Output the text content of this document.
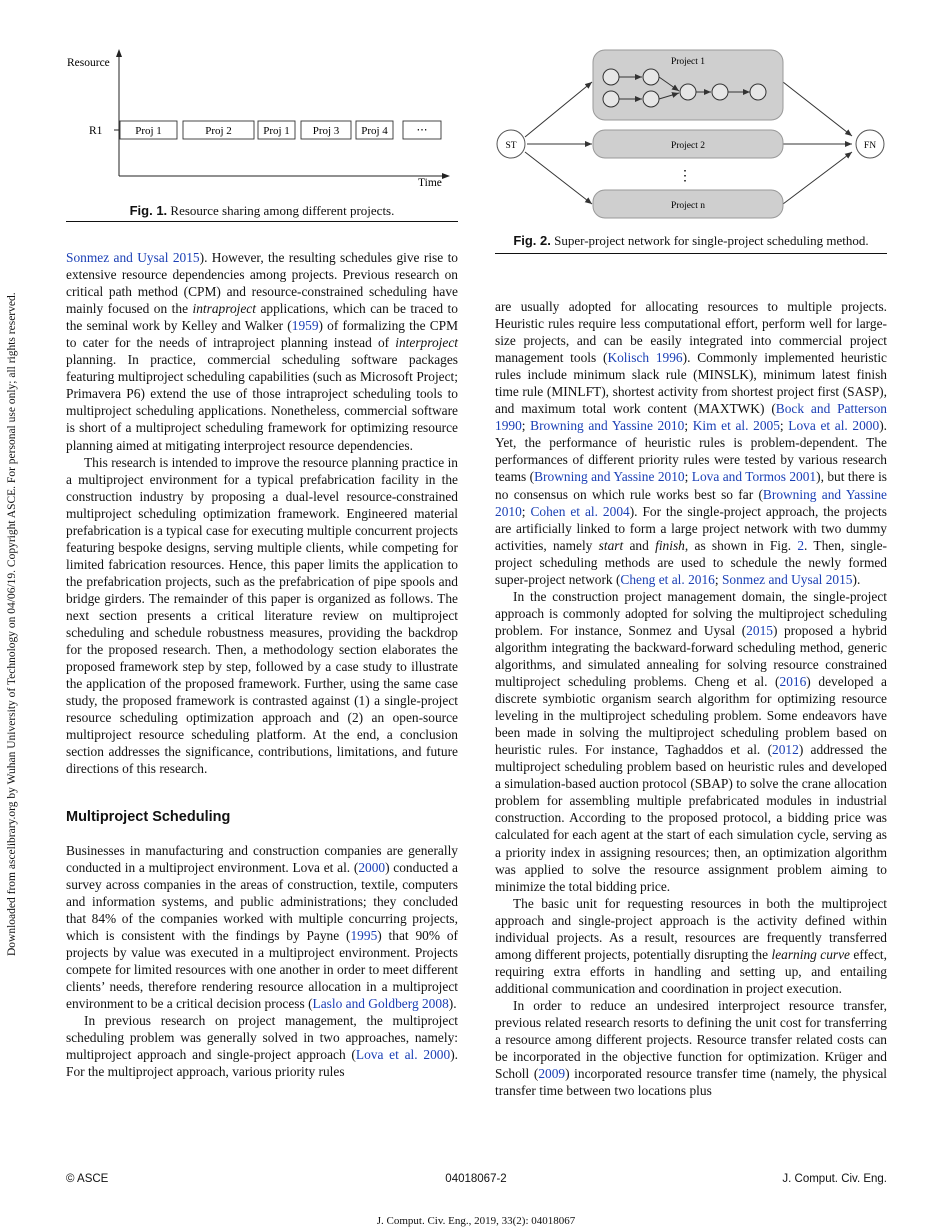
Downloaded from ascelibrary.org by Wuhan University of Technology on 04/06/19. Copyright ASCE. For personal use only; all rights reserved.
Resource
Time
R1	Proj 1	Proj 2	Proj 1 Proj 3 Proj 4	⋯
Fig. 1. Resource sharing among different projects.
Project 1
Project 2
⋮
Project n
ST	FN
Fig. 2. Super-project network for single-project scheduling method.

Sonmez and Uysal 2015). However, the resulting schedules give rise to extensive resource dependencies among projects. Previous research on critical path method (CPM) and resource-constrained scheduling have mainly focused on the intraproject applications, which can be traced to the seminal work by Kelley and Walker (1959) of formalizing the CPM to cater for the needs of intraproject planning instead of interproject planning. In practice, commercial scheduling software packages featuring multiproject scheduling capabilities (such as Microsoft Project; Primavera P6) extend the use of those intraproject scheduling tools to multiproject scheduling applications. Nonetheless, commercial software is short of a multiproject scheduling framework for optimizing resource planning aimed at mitigating interproject resource dependencies.

This research is intended to improve the resource planning practice in a multiproject environment for a typical prefabrication facility in the construction industry by proposing a dual-level resource-constrained multiproject scheduling optimization framework. Engineered material prefabrication is a typical case for executing multiple concurrent projects featuring bespoke designs, serving multiple clients, while competing for limited fabrication resources. Hence, this paper limits the application to the prefabrication projects, such as the prefabrication of pipe spools and bridge girders. The remainder of this paper is organized as follows. The next section presents a critical literature review on multiproject scheduling and schedule robustness measures, providing the backdrop for the proposed research. Then, a methodology section elaborates the proposed framework step by step, followed by a case study to illustrate the application of the proposed framework. Further, using the same case study, the proposed framework is contrasted against (1) a single-project resource scheduling optimization approach and (2) an open-source multiproject resource scheduling platform. At the end, a conclusion section addresses the significance, contributions, limitations, and future directions of this research.

Multiproject Scheduling

Businesses in manufacturing and construction companies are generally conducted in a multiproject environment. Lova et al. (2000) conducted a survey across companies in the areas of construction, textile, computers and information systems, and public administrations; they concluded that 84% of the companies worked with multiple concurring projects, which is consistent with the findings by Payne (1995) that 90% of projects by value was executed in a multiproject environment. Projects compete for limited resources with one another in order to meet different clients’ needs, therefore rendering resource allocation in a multiproject environment to be a critical decision process (Laslo and Goldberg 2008).

In previous research on project management, the multiproject scheduling problem was generally solved in two approaches, namely: multiproject approach and single-project approach (Lova et al. 2000). For the multiproject approach, various priority rules

are usually adopted for allocating resources to multiple projects. Heuristic rules require less computational effort, perform well for large-size projects, and can be easily integrated into commercial project management tools (Kolisch 1996). Commonly implemented heuristic rules include minimum slack rule (MINSLK), minimum latest finish time rule (MINLFT), shortest activity from shortest project first (SASP), and maximum total work content (MAXTWK) (Bock and Patterson 1990; Browning and Yassine 2010; Kim et al. 2005; Lova et al. 2000). Yet, the performance of heuristic rules is problem-dependent. The performances of different priority rules were tested by various research teams (Browning and Yassine 2010; Lova and Tormos 2001), but there is no consensus on which rule works best so far (Browning and Yassine 2010; Cohen et al. 2004). For the single-project approach, the projects are artificially linked to form a large project network with two dummy activities, namely start and finish, as shown in Fig. 2. Then, single-project scheduling methods are used to schedule the newly formed super-project network (Cheng et al. 2016; Sonmez and Uysal 2015).

In the construction project management domain, the single-project approach is commonly adopted for solving the multiproject scheduling problem. For instance, Sonmez and Uysal (2015) proposed a hybrid algorithm integrating the backward-forward scheduling method, generic algorithms, and simulated annealing for solving resource constrained multiproject scheduling problems. Cheng et al. (2016) developed a discrete symbiotic organism search algorithm for optimizing resource leveling in the multiproject scheduling problem. Some endeavors have been made in solving the multiproject scheduling problem based on heuristic rules. For instance, Taghaddos et al. (2012) addressed the multiproject scheduling problem based on heuristic rules and developed a simulation-based auction protocol (SBAP) to solve the crane allocation problem for assembling multiple prefabricated modules in industrial construction. According to the proposed protocol, a bidding price was calculated for each agent at the start of each simulation cycle, serving as a priority index in assigning resources; then, an optimization algorithm was applied to solve the resource assignment problem aiming to minimize the total bidding price.

The basic unit for requesting resources in both the multiproject approach and single-project approach is the activity defined within individual projects. As a result, resources are frequently transferred among different projects, potentially disrupting the learning curve effect, requiring extra efforts in handling and setting up, and entailing additional communication and coordination in project execution.

In order to reduce an undesired interproject resource transfer, previous related research resorts to defining the unit cost for transferring a resource among different projects. Resource transfer related costs can be incorporated in the objective function for optimization. Krüger and Scholl (2009) incorporated resource transfer time (namely, the physical transfer time between two locations plus

© ASCE	04018067-2	J. Comput. Civ. Eng.
J. Comput. Civ. Eng., 2019, 33(2): 04018067
